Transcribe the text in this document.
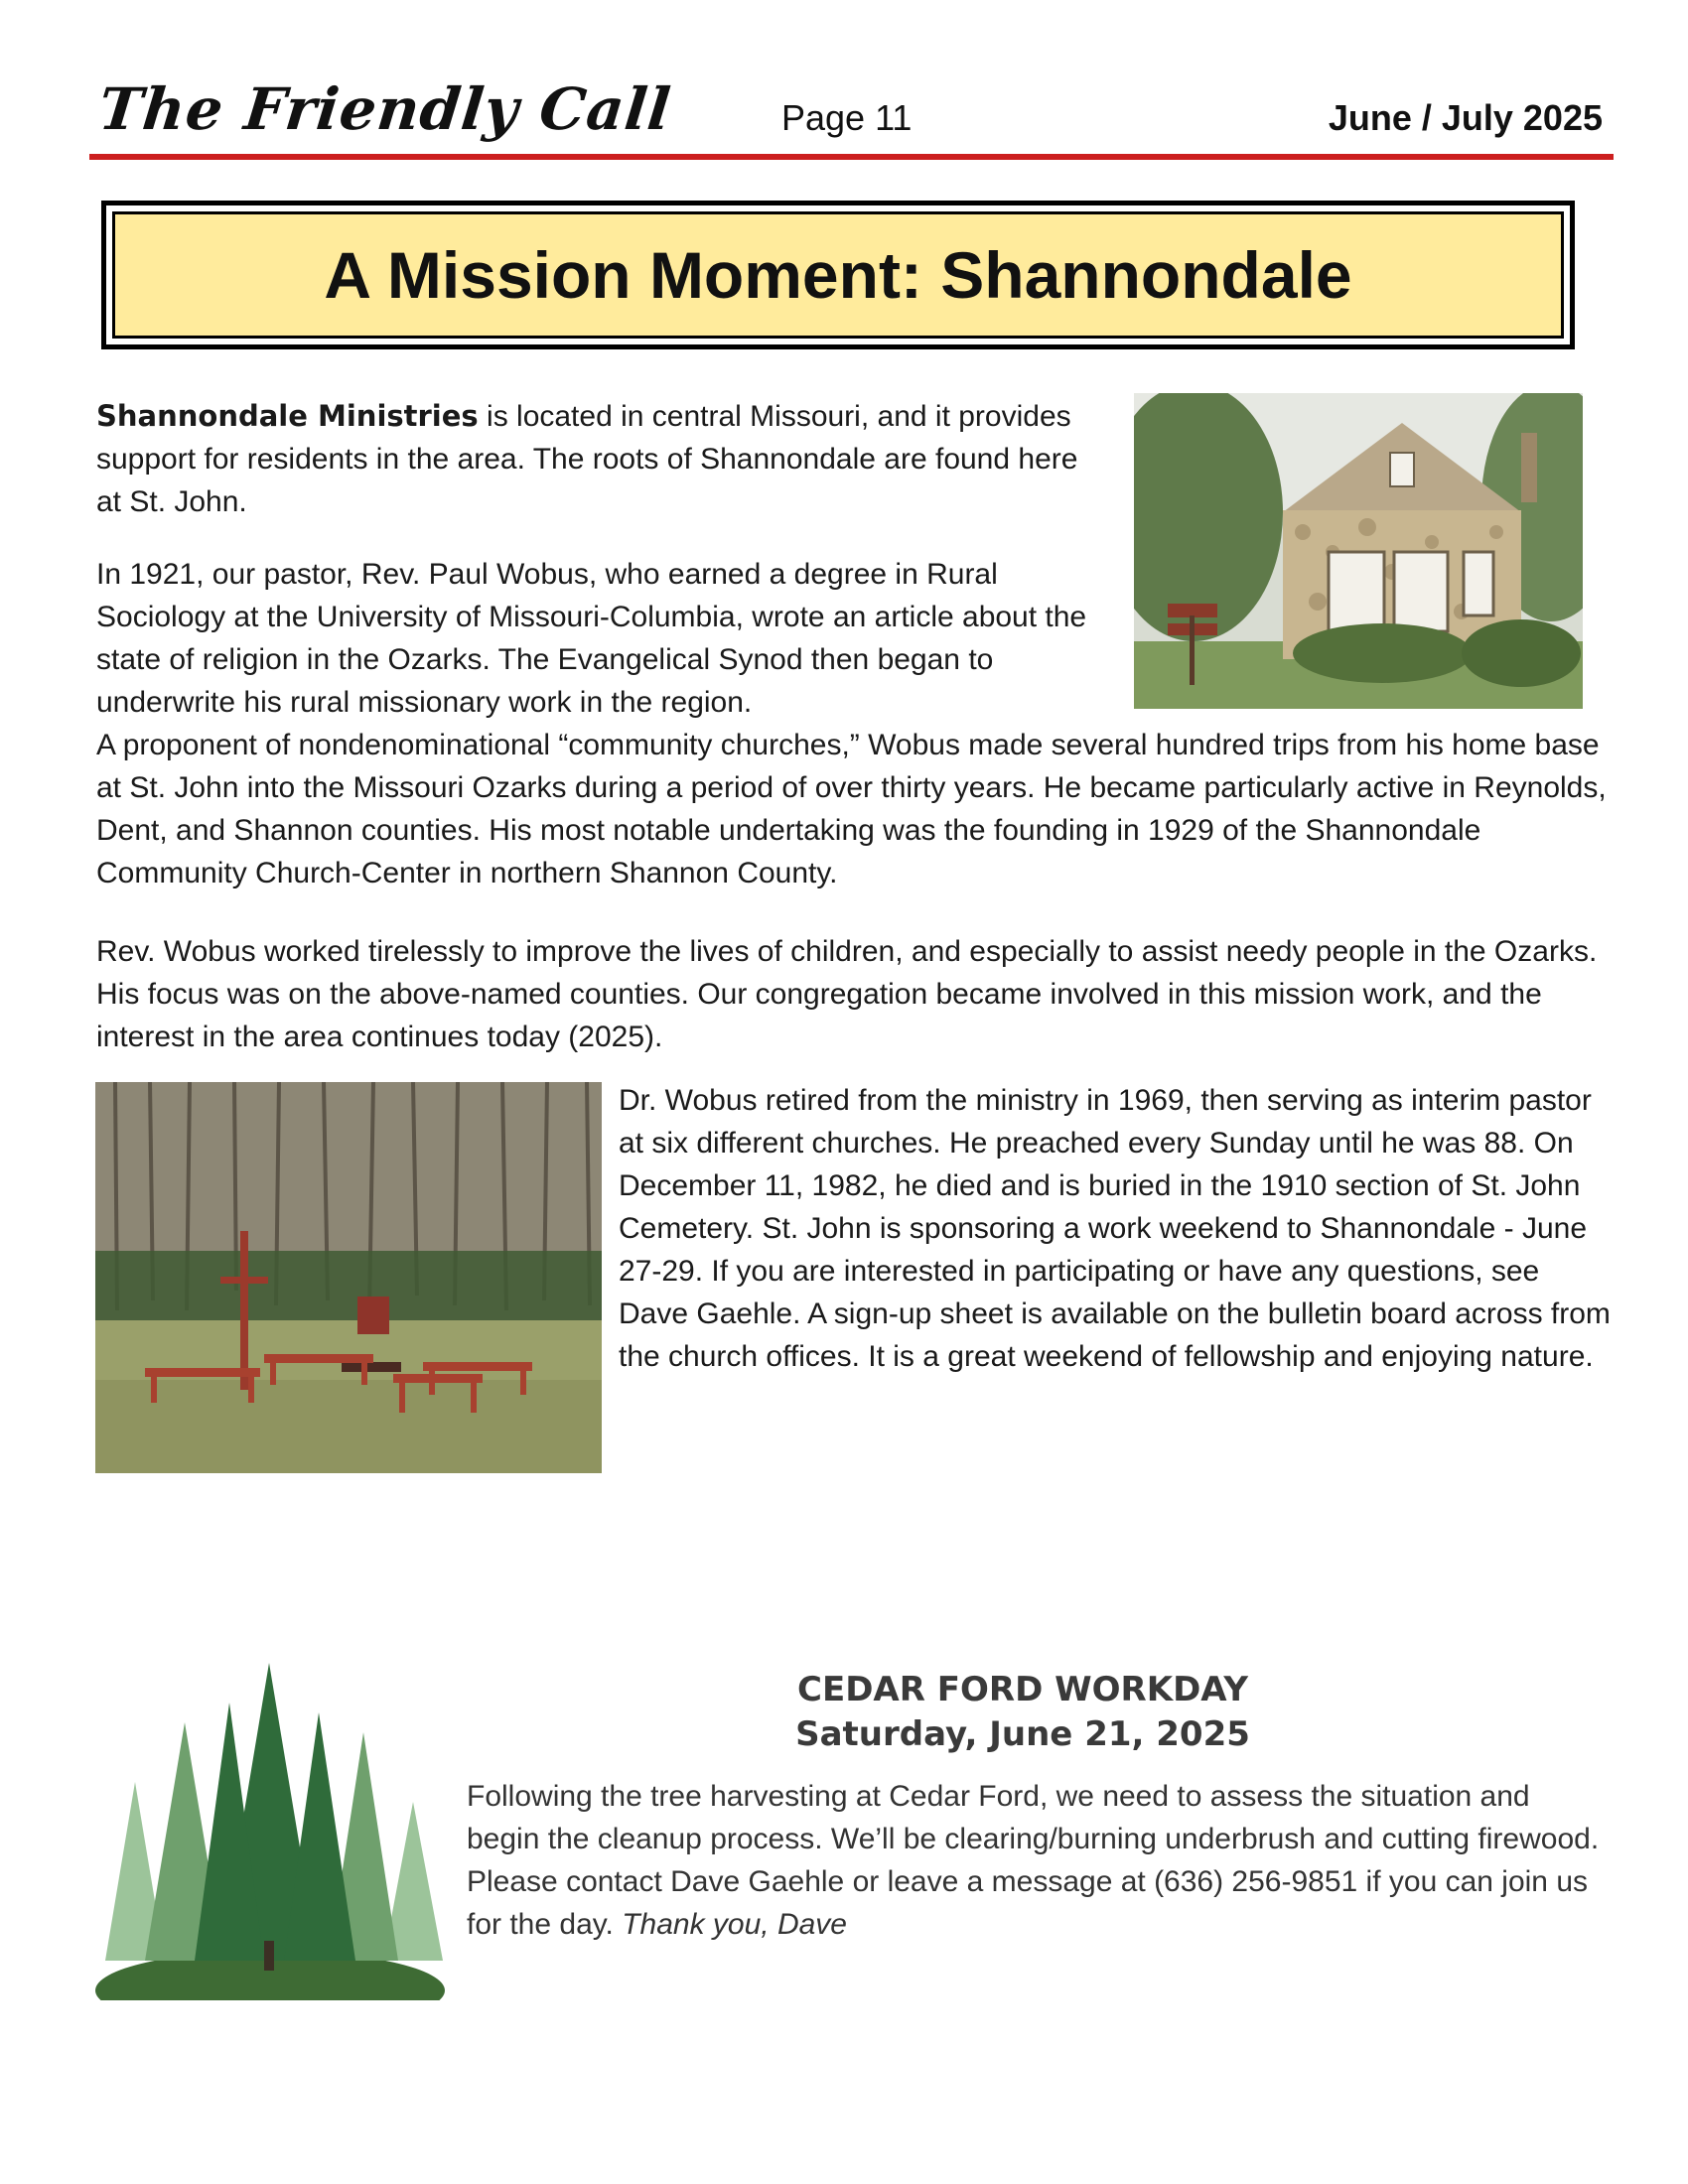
The Friendly Call	Page 11	June / July 2025
A Mission Moment: Shannondale

Shannondale Ministries is located in central Missouri, and it provides support for residents in the area. The roots of Shannondale are found here at St. John.

In 1921, our pastor, Rev. Paul Wobus, who earned a degree in Rural Sociology at the University of Missouri-Columbia, wrote an article about the state of religion in the Ozarks. The Evangelical Synod then began to underwrite his rural missionary work in the region.

A proponent of nondenominational “community churches,” Wobus made several hundred trips from his home base at St. John into the Missouri Ozarks during a period of over thirty years. He became particularly active in Reynolds, Dent, and Shannon counties. His most notable undertaking was the founding in 1929 of the Shannondale Community Church-Center in northern Shannon County.

Rev. Wobus worked tirelessly to improve the lives of children, and especially to assist needy people in the Ozarks. His focus was on the above-named counties. Our congregation became involved in this mission work, and the interest in the area continues today (2025).

Dr. Wobus retired from the ministry in 1969, then serving as interim pastor at six different churches. He preached every Sunday until he was 88. On December 11, 1982, he died and is buried in the 1910 section of St. John Cemetery. St. John is sponsoring a work weekend to Shannondale - June 27-29. If you are interested in participating or have any questions, see Dave Gaehle. A sign-up sheet is available on the bulletin board across from the church offices. It is a great weekend of fellowship and enjoying nature.

CEDAR FORD WORKDAY
Saturday, June 21, 2025
Following the tree harvesting at Cedar Ford, we need to assess the situation and begin the cleanup process. We’ll be clearing/burning underbrush and cutting firewood. Please contact Dave Gaehle or leave a message at (636) 256-9851 if you can join us for the day. Thank you, Dave
